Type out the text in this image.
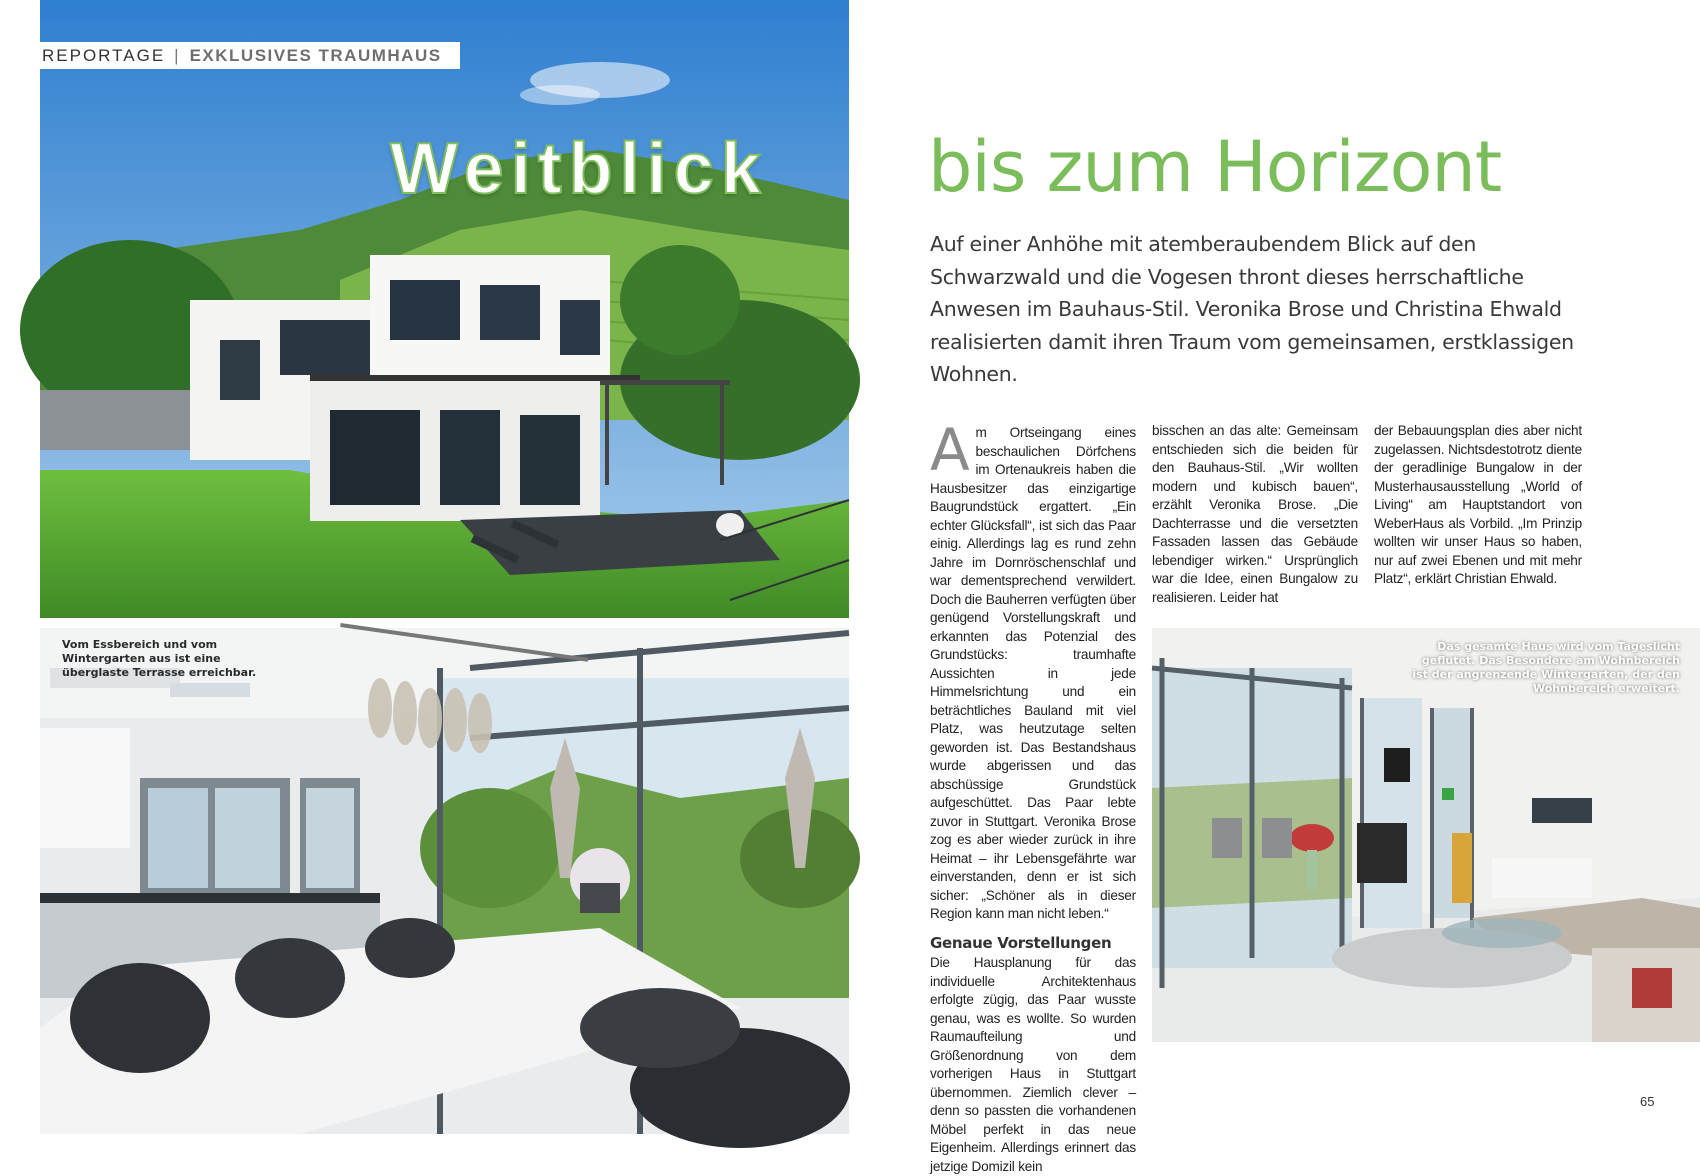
REPORTAGE | EXKLUSIVES TRAUMHAUS
Weitblick bis zum Horizont

Auf einer Anhöhe mit atemberaubendem Blick auf den Schwarzwald und die Vogesen thront dieses herrschaftliche Anwesen im Bauhaus-Stil. Veronika Brose und Christina Ehwald realisierten damit ihren Traum vom gemeinsamen, erstklassigen Wohnen.

Am Ortseingang eines beschaulichen Dörfchens im Ortenaukreis haben die Hausbesitzer das einzigartige Baugrundstück ergattert. „Ein echter Glücksfall“, ist sich das Paar einig. Allerdings lag es rund zehn Jahre im Dornröschenschlaf und war dementsprechend verwildert. Doch die Bauherren verfügten über genügend Vorstellungskraft und erkannten das Potenzial des Grundstücks: traumhafte Aussichten in jede Himmelsrichtung und ein beträchtliches Bauland mit viel Platz, was heutzutage selten geworden ist. Das Bestandshaus wurde abgerissen und das abschüssige Grundstück aufgeschüttet. Das Paar lebte zuvor in Stuttgart. Veronika Brose zog es aber wieder zurück in ihre Heimat – ihr Lebensgefährte war einverstanden, denn er ist sich sicher: „Schöner als in dieser Region kann man nicht leben.“

Genaue Vorstellungen

Die Hausplanung für das individuelle Architektenhaus erfolgte zügig, das Paar wusste genau, was es wollte. So wurden Raumaufteilung und Größenordnung von dem vorherigen Haus in Stuttgart übernommen. Ziemlich clever – denn so passten die vorhandenen Möbel perfekt in das neue Eigenheim. Allerdings erinnert das jetzige Domizil kein

bisschen an das alte: Gemeinsam entschieden sich die beiden für den Bauhaus-Stil. „Wir wollten modern und kubisch bauen“, erzählt Veronika Brose. „Die Dachterrasse und die versetzten Fassaden lassen das Gebäude lebendiger wirken.“ Ursprünglich war die Idee, einen Bungalow zu realisieren. Leider hat

der Bebauungsplan dies aber nicht zugelassen. Nichtsdestotrotz diente der geradlinige Bungalow in der Musterhausausstellung „World of Living“ am Hauptstandort von WeberHaus als Vorbild. „Im Prinzip wollten wir unser Haus so haben, nur auf zwei Ebenen und mit mehr Platz“, erklärt Christian Ehwald.

Vom Essbereich und vom Wintergarten aus ist eine überglaste Terrasse erreichbar.
Das gesamte Haus wird vom Tageslicht geflutet. Das Besondere am Wohnbereich ist der angrenzende Wintergarten, der den Wohnbereich erweitert.
65
